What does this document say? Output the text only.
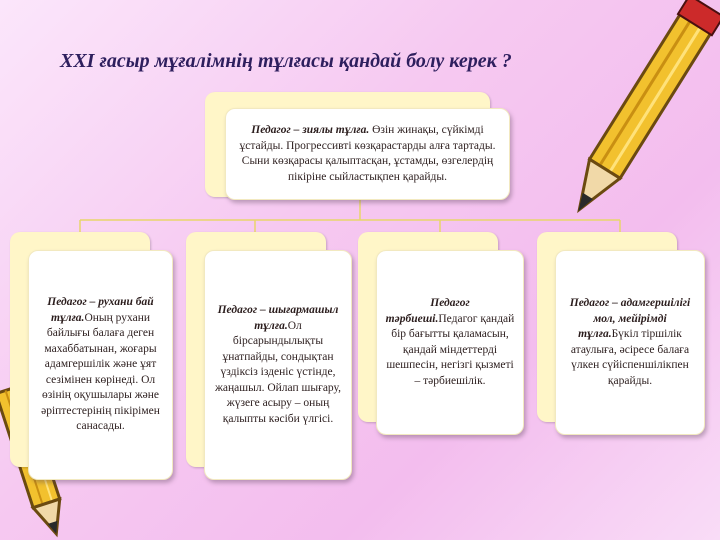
XXI ғасыр мұғалімнің тұлғасы қандай болу керек ?
Педагог – зиялы тұлға. Өзін жинақы, сүйкімді ұстайды. Прогрессивті көзқарастарды алға тартады. Сыни көзқарасы қалыптасқан, ұстамды, өзгелердің пікіріне сыйластықпен қарайды.
Педагог – рухани бай тұлға.Оның рухани байлығы балаға деген махаббатынан, жоғары адамгершілік және ұят сезімінен көрінеді. Ол өзінің оқушылары және әріптестерінің пікірімен санасады.
Педагог – шығармашыл тұлға.Ол бірсарындылықты ұнатпайды, сондықтан үздіксіз ізденіс үстінде, жаңашыл. Ойлап шығару, жүзеге асыру – оның қалыпты кәсіби үлгісі.
Педагог тәрбиеші.Педагог қандай бір бағытты қаламасын, қандай міндеттерді шешпесін, негізгі қызметі – тәрбиешілік.
Педагог – адамгершілігі мол, мейірімді тұлға.Бүкіл тіршілік атаулыға, әсіресе балаға үлкен сүйіспеншілікпен қарайды.
